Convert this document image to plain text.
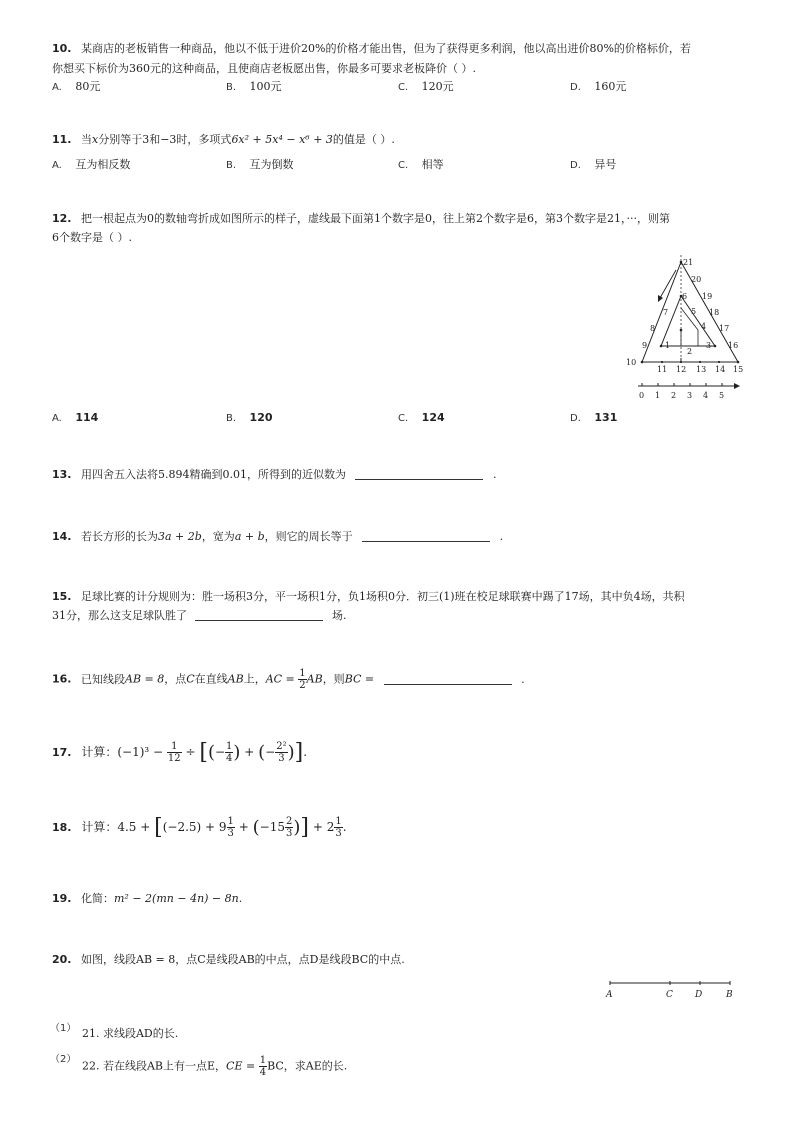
10. 某商店的老板销售一种商品，他以不低于进价20%的价格才能出售，但为了获得更多利润，他以高出进价80%的价格标价，若
你想买下标价为360元的这种商品，且使商店老板愿出售，你最多可要求老板降价（ ）.
A. 80元	B. 100元	C. 120元	D. 160元
11. 当x分别等于3和−3时，多项式6x² + 5x⁴ − x⁶ + 3的值是（ ）.
A. 互为相反数	B. 互为倒数	C. 相等	D. 异号
12. 把一根起点为0的数轴弯折成如图所示的样子，虚线最下面第1个数字是0，往上第2个数字是6，第3个数字是21，···，则第
6个数字是（ ）.
21
20
19
18
17
16
15
14
13
12
11
10
9
8
7
6
5
4
3
2
1
0 1 2 3 4 5
A. 114	B. 120	C. 124	D. 131
13. 用四舍五入法将5.894精确到0.01，所得到的近似数为	.
14. 若长方形的长为3a + 2b，宽为a + b，则它的周长等于	.
15. 足球比赛的计分规则为：胜一场积3分，平一场积1分，负1场积0分．初三(1)班在校足球联赛中踢了17场，其中负4场，共积
31分，那么这支足球队胜了	场.
16. 已知线段AB = 8，点C在直线AB上，AC = $\frac{1}{2}$ AB，则BC =	.
17. 计算：$(-1)^3 - \frac{1}{12}$ ÷ [(− $\frac{1}{4}$ ) + (− $\frac{\text{2²}}{3}$ )].
18. 计算：$4.5 + [(-2.5) + 9 \frac{1}{3} + (-15 \frac{2}{3}$ )] + $2 \frac{1}{3}$ .
19. 化简：m² − 2(mn − 4n) − 8n.
20. 如图，线段AB = 8，点C是线段AB的中点，点D是线段BC的中点.
A	C D	B
（1） 21. 求线段AD的长.
（2） 22. 若在线段AB上有一点E，CE = $\frac{1}{4}$ BC，求AE的长.
